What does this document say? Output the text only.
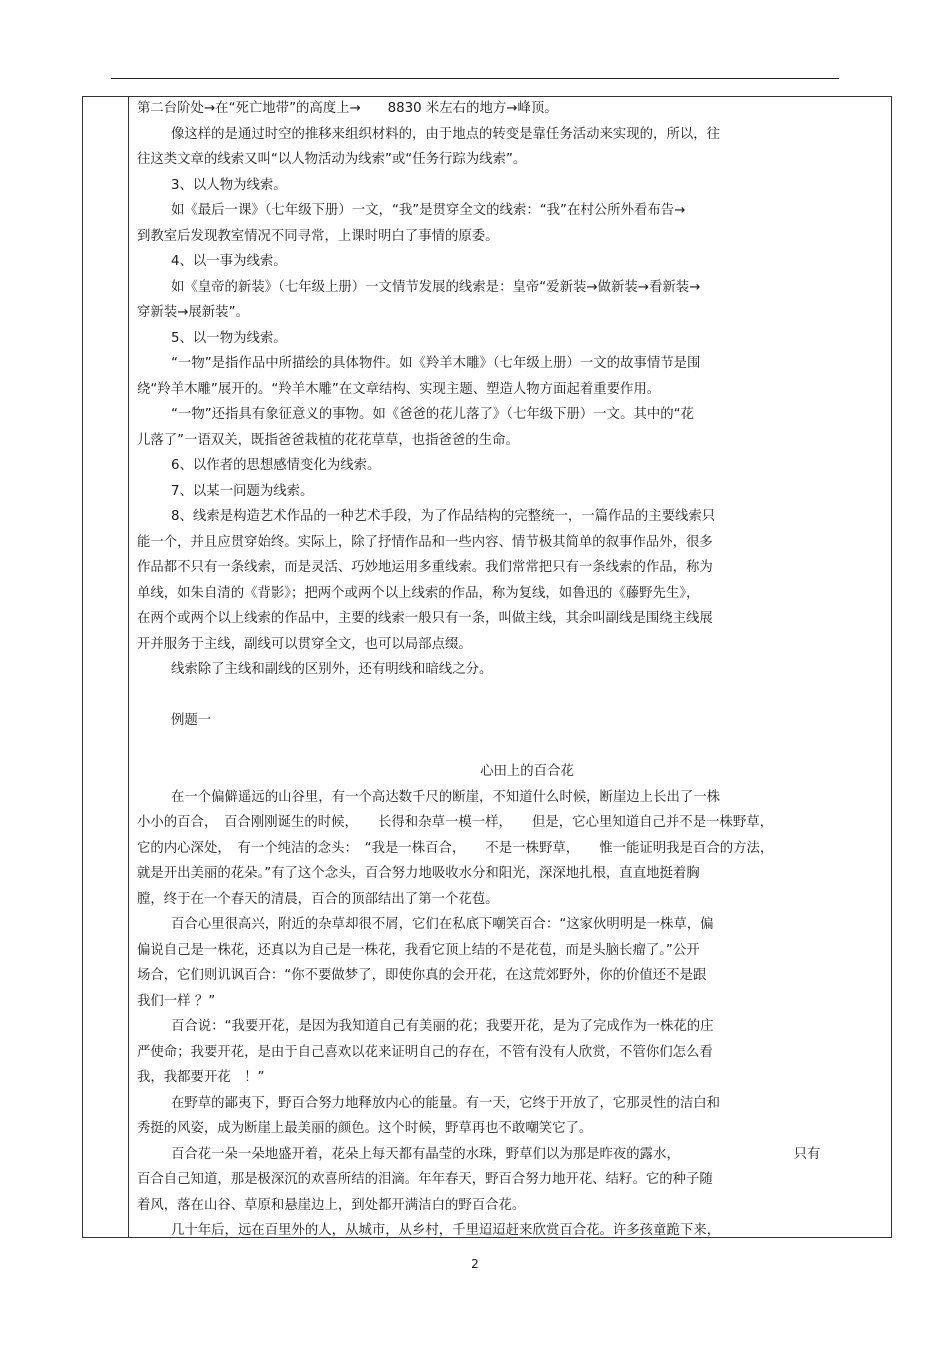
第二台阶处→在“死亡地带”的高度上→　　8830 米左右的地方→峰顶。

像这样的是通过时空的推移来组织材料的，由于地点的转变是靠任务活动来实现的，所以，往

往这类文章的线索又叫“以人物活动为线索”或“任务行踪为线索”。

3、以人物为线索。

如《最后一课》（七年级下册）一文，“我”是贯穿全文的线索：“我”在村公所外看布告→

到教室后发现教室情况不同寻常，上课时明白了事情的原委。

4、以一事为线索。

如《皇帝的新装》（七年级上册）一文情节发展的线索是：皇帝“爱新装→做新装→看新装→

穿新装→展新装”。

5、以一物为线索。

“一物”是指作品中所描绘的具体物件。如《羚羊木雕》（七年级上册）一文的故事情节是围

绕“羚羊木雕”展开的。“羚羊木雕”在文章结构、实现主题、塑造人物方面起着重要作用。

“一物”还指具有象征意义的事物。如《爸爸的花儿落了》（七年级下册）一文。其中的“花

儿落了”一语双关，既指爸爸栽植的花花草草，也指爸爸的生命。

6、以作者的思想感情变化为线索。

7、以某一问题为线索。

8、线索是构造艺术作品的一种艺术手段，为了作品结构的完整统一，一篇作品的主要线索只

能一个，并且应贯穿始终。实际上，除了抒情作品和一些内容、情节极其简单的叙事作品外，很多

作品都不只有一条线索，而是灵活、巧妙地运用多重线索。我们常常把只有一条线索的作品，称为

单线，如朱自清的《背影》；把两个或两个以上线索的作品，称为复线，如鲁迅的《藤野先生》，

在两个或两个以上线索的作品中，主要的线索一般只有一条，叫做主线，其余叫副线是围绕主线展

开并服务于主线，副线可以贯穿全文，也可以局部点缀。

线索除了主线和副线的区别外，还有明线和暗线之分。

例题一

心田上的百合花

在一个偏僻遥远的山谷里，有一个高达数千尺的断崖，不知道什么时候，断崖边上长出了一株

小小的百合，　百合刚刚诞生的时候，　　长得和杂草一模一样，　　但是，它心里知道自己并不是一株野草，

它的内心深处，　有一个纯洁的念头：　“我是一株百合，　　不是一株野草，　　惟一能证明我是百合的方法，

就是开出美丽的花朵。”有了这个念头，百合努力地吸收水分和阳光，深深地扎根，直直地挺着胸

膛，终于在一个春天的清晨，百合的顶部结出了第一个花苞。

百合心里很高兴，附近的杂草却很不屑，它们在私底下嘲笑百合：“这家伙明明是一株草，偏

偏说自己是一株花，还真以为自己是一株花，我看它顶上结的不是花苞，而是头脑长瘤了。”公开

场合，它们则讥讽百合：“你不要做梦了，即使你真的会开花，在这荒郊野外，你的价值还不是跟

我们一样 ？”

百合说：“我要开花，是因为我知道自己有美丽的花；我要开花，是为了完成作为一株花的庄

严使命；我要开花，是由于自己喜欢以花来证明自己的存在，不管有没有人欣赏，不管你们怎么看

我，我都要开花　！”

在野草的鄙夷下，野百合努力地释放内心的能量。有一天，它终于开放了，它那灵性的洁白和

秀挺的风姿，成为断崖上最美丽的颜色。这个时候，野草再也不敢嘲笑它了。

百合花一朵一朵地盛开着，花朵上每天都有晶莹的水珠，野草们以为那是昨夜的露水，　　　　　　　　　只有

百合自己知道，那是极深沉的欢喜所结的泪滴。年年春天，野百合努力地开花、结籽。它的种子随

着风，落在山谷、草原和悬崖边上，到处都开满洁白的野百合花。

几十年后，远在百里外的人，从城市，从乡村，千里迢迢赶来欣赏百合花。许多孩童跪下来，

2
